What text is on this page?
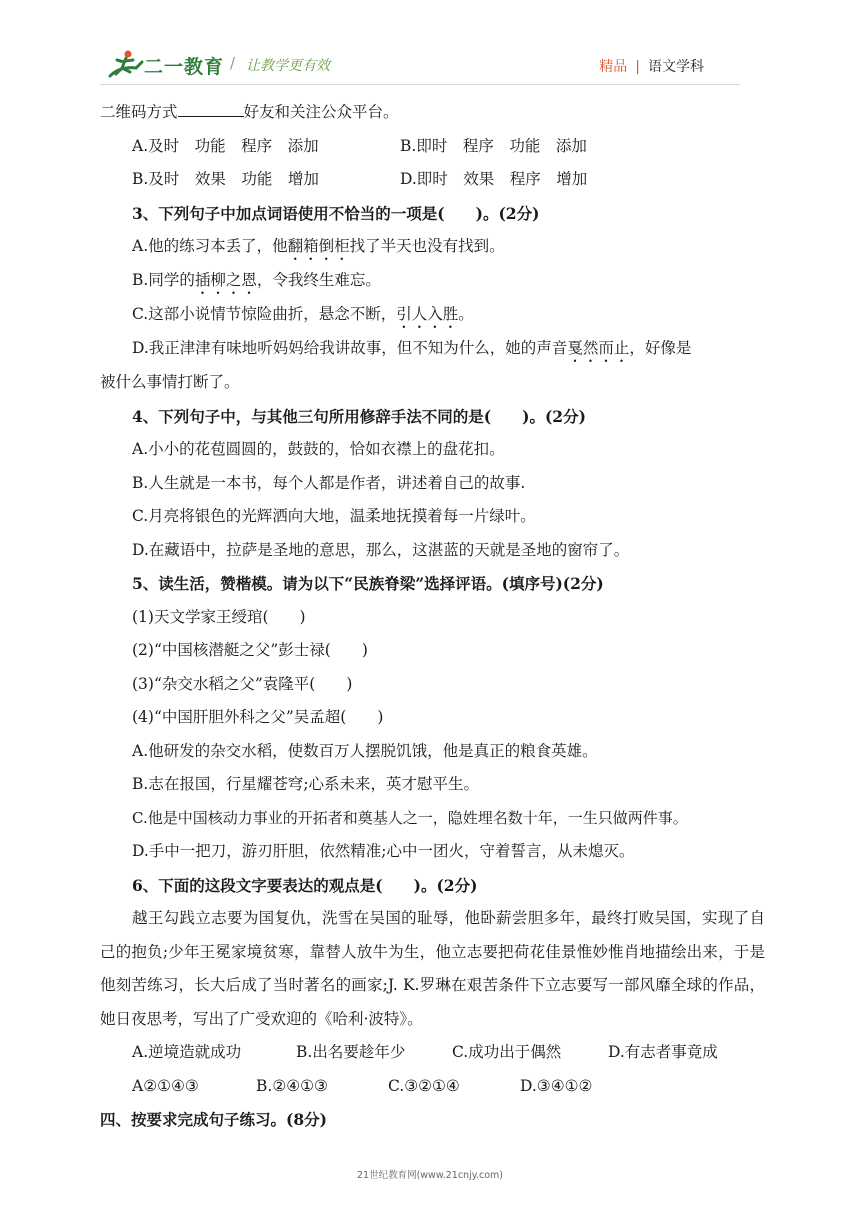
二一教育 / 让教学更有效	精品 | 语文学科
二维码方式	好友和关注公众平台。
A.及时　功能　程序　添加	B.即时　程序　功能　添加
B.及时　效果　功能　增加	D.即时　效果　程序　增加
3、下列句子中加点词语使用不恰当的一项是(　　)。(2分)
A.他的练习本丢了，他翻箱倒柜找了半天也没有找到。
B.同学的插柳之恩，令我终生难忘。
C.这部小说情节惊险曲折，悬念不断，引人入胜。
D.我正津津有味地听妈妈给我讲故事，但不知为什么，她的声音戛然而止，好像是
被什么事情打断了。
4、下列句子中，与其他三句所用修辞手法不同的是(　　)。(2分)
A.小小的花苞圆圆的，鼓鼓的，恰如衣襟上的盘花扣。
B.人生就是一本书，每个人都是作者，讲述着自己的故事.
C.月亮将银色的光辉洒向大地，温柔地抚摸着每一片绿叶。
D.在藏语中，拉萨是圣地的意思，那么，这湛蓝的天就是圣地的窗帘了。
5、读生活，赞楷模。请为以下“民族脊梁”选择评语。(填序号)(2分)
(1)天文学家王绶琯(　　)
(2)“中国核潜艇之父”彭士禄(　　)
(3)“杂交水稻之父”袁隆平(　　)
(4)“中国肝胆外科之父”吴孟超(　　)
A.他研发的杂交水稻，使数百万人摆脱饥饿，他是真正的粮食英雄。
B.志在报国，行星耀苍穹;心系未来，英才慰平生。
C.他是中国核动力事业的开拓者和奠基人之一，隐姓埋名数十年，一生只做两件事。
D.手中一把刀，游刃肝胆，依然精准;心中一团火，守着誓言，从未熄灭。
6、下面的这段文字要表达的观点是(　　)。(2分)
越王勾践立志要为国复仇，洗雪在吴国的耻辱，他卧薪尝胆多年，最终打败吴国，实现了自己的抱负;少年王冕家境贫寒，靠替人放牛为生，他立志要把荷花佳景惟妙惟肖地描绘出来，于是他刻苦练习，长大后成了当时著名的画家;J. K.罗琳在艰苦条件下立志要写一部风靡全球的作品，她日夜思考，写出了广受欢迎的《哈利·波特》。
A.逆境造就成功	B.出名要趁年少	C.成功出于偶然	D.有志者事竟成
A②①④③	B.②④①③	C.③②①④	D.③④①②
四、按要求完成句子练习。(8分)
21世纪教育网(www.21cnjy.com)
